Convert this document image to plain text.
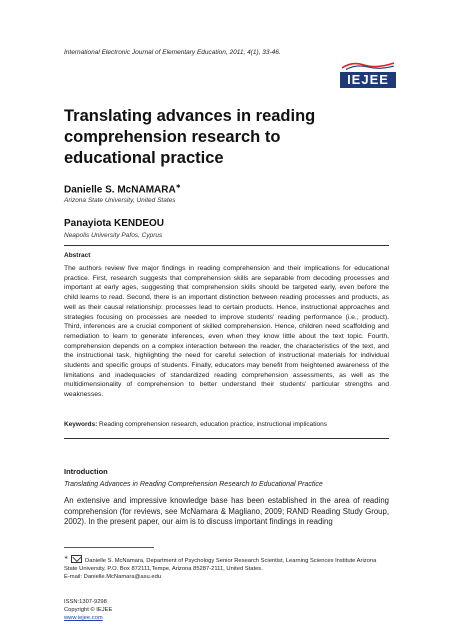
International Electronic Journal of Elementary Education, 2011, 4(1), 33-46.
IEJEE
Translating advances in reading
comprehension research to
educational practice
Danielle S. McNAMARA∗
Arizona State University, United States
Panayiota KENDEOU
Neapolis University Pafos, Cyprus
Abstract
The authors review five major findings in reading comprehension and their implications for educational practice. First, research suggests that comprehension skills are separable from decoding processes and important at early ages, suggesting that comprehension skills should be targeted early, even before the child learns to read. Second, there is an important distinction between reading processes and products, as well as their causal relationship: processes lead to certain products. Hence, instructional approaches and strategies focusing on processes are needed to improve students' reading performance (i.e., product). Third, inferences are a crucial component of skilled comprehension. Hence, children need scaffolding and remediation to learn to generate inferences, even when they know little about the text topic. Fourth, comprehension depends on a complex interaction between the reader, the characteristics of the text, and the instructional task, highlighting the need for careful selection of instructional materials for individual students and specific groups of students. Finally, educators may benefit from heightened awareness of the limitations and inadequacies of standardized reading comprehension assessments, as well as the multidimensionality of comprehension to better understand their students' particular strengths and weaknesses.
Keywords: Reading comprehension research, education practice, instructional implications
Introduction
Translating Advances in Reading Comprehension Research to Educational Practice
An extensive and impressive knowledge base has been established in the area of reading comprehension (for reviews, see McNamara & Magliano, 2009; RAND Reading Study Group, 2002). In the present paper, our aim is to discuss important findings in reading
∗	Danielle S. McNamara, Department of Psychology Senior Research Scientist, Learning Sciences Institute Arizona State University, P.O. Box 872111,Tempe, Arizona 85287-2111, United States.
E-mail: Danielle.McNamara@asu.edu
ISSN:1307-9298
Copyright © IEJEE
www.iejee.com
